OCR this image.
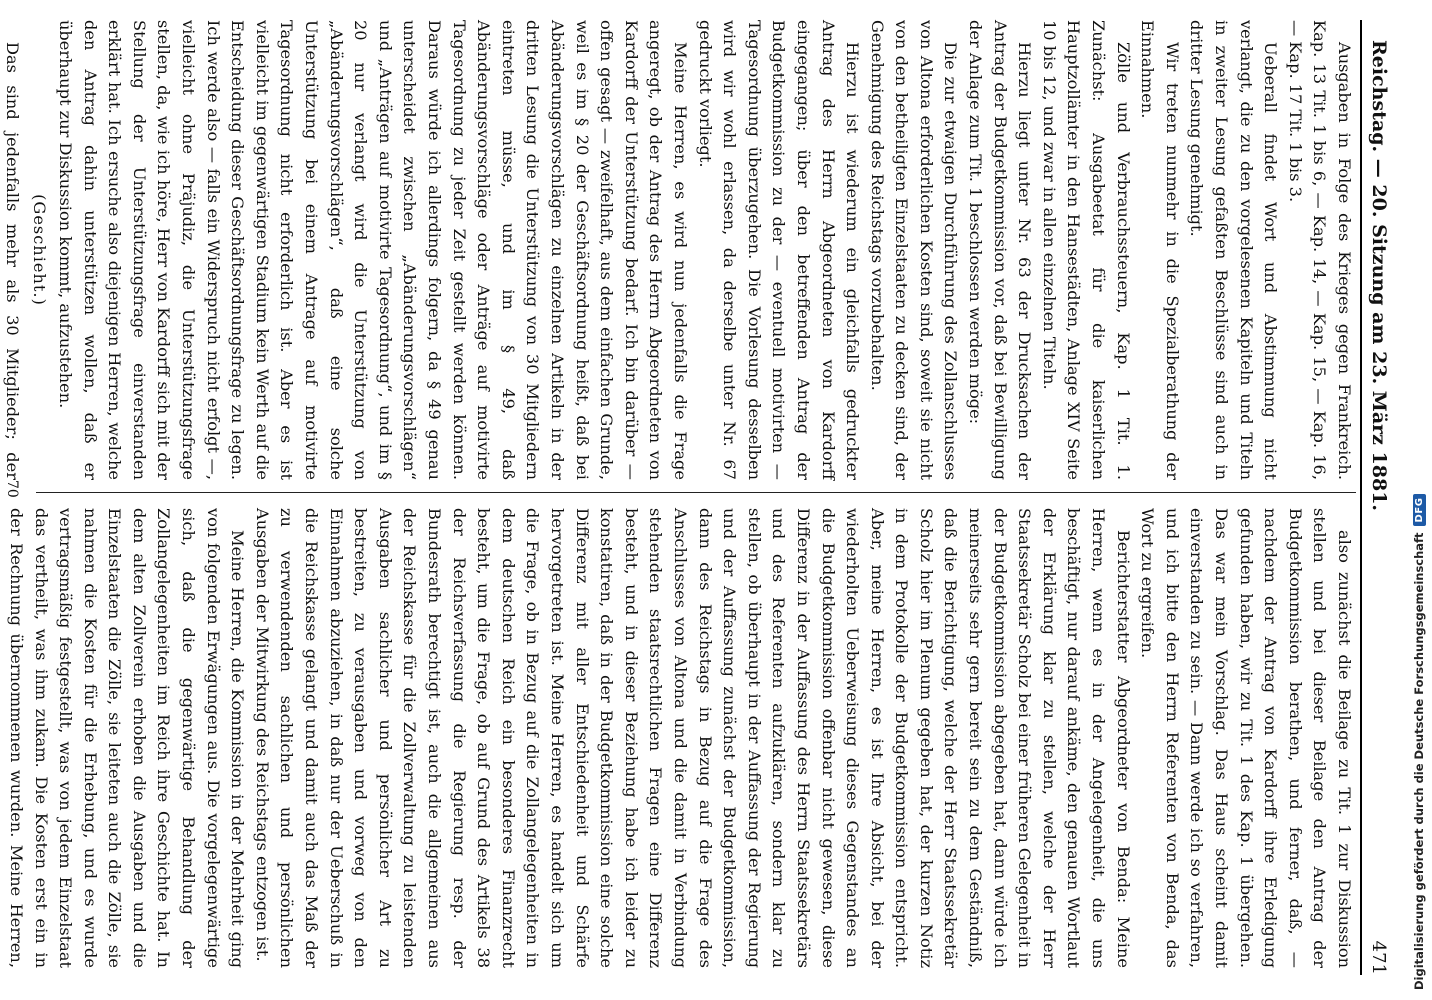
Reichstag. — 20. Sitzung am 23. März 1881.
471

Ausgaben in Folge des Krieges gegen Frankreich. Kap. 13 Tit. 1 bis 6, — Kap. 14, — Kap. 15, — Kap. 16, — Kap. 17 Tit. 1 bis 3.

Ueberall findet Wort und Abstimmung nicht verlangt, die zu den vorgelesenen Kapiteln und Titeln in zweiter Lesung gefaßten Beschlüsse sind auch in dritter Lesung genehmigt.

Wir treten nunmehr in die Spezialberathung der Einnahmen.

Zölle und Verbrauchssteuern, Kap. 1 Tit. 1. Zunächst: Ausgabeetat für die kaiserlichen Hauptzollämter in den Hansestädten, Anlage XIV Seite 10 bis 12, und zwar in allen einzelnen Titeln.

Hierzu liegt unter Nr. 63 der Drucksachen der Antrag der Budgetkommission vor, daß bei Bewilligung der Anlage zum Tit. 1 beschlossen werden möge:

Die zur etwaigen Durchführung des Zollanschlusses von Altona erforderlichen Kosten sind, soweit sie nicht von den betheiligten Einzelstaaten zu decken sind, der Genehmigung des Reichstags vorzubehalten.

Hierzu ist wiederum ein gleichfalls gedruckter Antrag des Herrn Abgeordneten von Kardorff eingegangen; über den betreffenden Antrag der Budgetkommission zu der — eventuell motivirten — Tagesordnung überzugehen. Die Vorlesung desselben wird wir wohl erlassen, da derselbe unter Nr. 67 gedruckt vorliegt.

Meine Herren, es wird nun jedenfalls die Frage angeregt, ob der Antrag des Herrn Abgeordneten von Kardorff der Unterstützung bedarf. Ich bin darüber — offen gesagt — zweifelhaft, aus dem einfachen Grunde, weil es im § 20 der Geschäftsordnung heißt, daß bei Abänderungsvorschlägen zu einzelnen Artikeln in der dritten Lesung die Unterstützung von 30 Mitgliedern eintreten müsse, und im § 49, daß Abänderungsvorschläge oder Anträge auf motivirte Tagesordnung zu jeder Zeit gestellt werden können. Daraus würde ich allerdings folgern, da § 49 genau unterscheidet zwischen „Abänderungsvorschlägen“ und „Anträgen auf motivirte Tagesordnung“, und im § 20 nur verlangt wird die Unterstützung von „Abänderungsvorschlägen“, daß eine solche Unterstützung bei einem Antrage auf motivirte Tagesordnung nicht erforderlich ist. Aber es ist vielleicht im gegenwärtigen Stadium kein Werth auf die Entscheidung dieser Geschäftsordnungsfrage zu legen. Ich werde also — falls ein Widerspruch nicht erfolgt —, vielleicht ohne Präjudiz, die Unterstützungsfrage stellen, da, wie ich höre, Herr von Kardorff sich mit der Stellung der Unterstützungsfrage einverstanden erklärt hat. Ich ersuche also diejenigen Herren, welche den Antrag dahin unterstützen wollen, daß er überhaupt zur Diskussion kommt, aufzustehen.

(Geschieht.)

Das sind jedenfalls mehr als 30 Mitglieder; der

also zunächst die Beilage zu Tit. 1 zur Diskussion stellen und bei dieser Beilage den Antrag der Budgetkommission berathen, und ferner, daß, — nachdem der Antrag von Kardorff ihre Erledigung gefunden haben, wir zu Tit. 1 des Kap. 1 übergehen. Das war mein Vorschlag. Das Haus scheint damit einverstanden zu sein. — Dann werde ich so verfahren, und ich bitte den Herrn Referenten von Benda, das Wort zu ergreifen.

Berichterstatter Abgeordneter von Benda: Meine Herren, wenn es in der Angelegenheit, die uns beschäftigt, nur darauf ankäme, den genauen Wortlaut der Erklärung klar zu stellen, welche der Herr Staatssekretär Scholz bei einer früheren Gelegenheit in der Budgetkommission abgegeben hat, dann würde ich meinerseits sehr gern bereit sein zu dem Geständniß, daß die Berichtigung, welche der Herr Staatssekretär Scholz hier im Plenum gegeben hat, der kurzen Notiz in dem Protokolle der Budgetkommission entspricht. Aber, meine Herren, es ist Ihre Absicht, bei der wiederholten Ueberweisung dieses Gegenstandes an die Budgetkommission offenbar nicht gewesen, diese Differenz in der Auffassung des Herrn Staatssekretärs und des Referenten aufzuklären, sondern klar zu stellen, ob überhaupt in der Auffassung der Regierung und der Auffassung zunächst der Budgetkommission, dann des Reichstags in Bezug auf die Frage des Anschlusses von Altona und die damit in Verbindung stehenden staatsrechtlichen Fragen eine Differenz besteht, und in dieser Beziehung habe ich leider zu konstatiren, daß in der Budgetkommission eine solche Differenz mit aller Entschiedenheit und Schärfe hervorgetreten ist. Meine Herren, es handelt sich um die Frage, ob in Bezug auf die Zollangelegenheiten in dem deutschen Reich ein besonderes Finanzrecht besteht, um die Frage, ob auf Grund des Artikels 38 der Reichsverfassung die Regierung resp. der Bundesrath berechtigt ist, auch die allgemeinen aus der Reichskasse für die Zollverwaltung zu leistenden Ausgaben sachlicher und persönlicher Art zu bestreiten, zu verausgaben und vorweg von den Einnahmen abzuziehen, in daß nur der Ueberschuß in die Reichskasse gelangt und damit auch das Maß der zu verwendenden sachlichen und persönlichen Ausgaben der Mitwirkung des Reichstags entzogen ist.

Meine Herren, die Kommission in der Mehrheit ging von folgenden Erwägungen aus. Die vorgelegenwärtige sich, daß die gegenwärtige Behandlung der Zollangelegenheiten im Reich ihre Geschichte hat. In dem alten Zollverein erhoben die Ausgaben und die Einzelstaaten die Zölle, sie leiteten auch die Zölle, sie nahmen die Kosten für die Erhebung, und es wurde vertragsmäßig festgestellt, was von jedem Einzelstaat das vertheilt, was ihm zukam. Die Kosten erst ein in der Rechnung übernommenen wurden. Meine Herren,

70
Digitalisierung gefördert durch die Deutsche Forschungsgemeinschaft
DFG
